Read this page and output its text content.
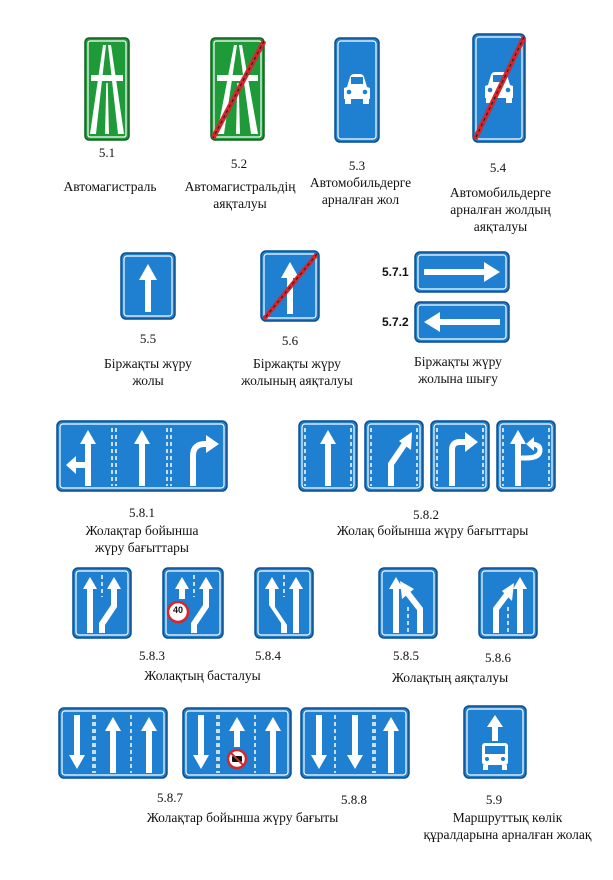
5.1
Автомагистраль
5.2
Автомагистральдің
аяқталуы
5.3
Автомобильдерге
арналған жол
5.4
Автомобильдерге
арналған жолдың
аяқталуы
5.5
Біржақты жүру
жолы
5.6
Біржақты жүру
жолының аяқталуы
5.7.1
5.7.2
Біржақты жүру
жолына шығу
5.8.1
Жолақтар бойынша
жүру бағыттары
5.8.2
Жолақ бойынша жүру бағыттары
40
5.8.3	5.8.4
Жолақтың басталуы
5.8.5	5.8.6
Жолақтың аяқталуы
5.8.7	5.8.8
Жолақтар бойынша жүру бағыты
5.9
Маршруттық көлік
құралдарына арналған жолақ
